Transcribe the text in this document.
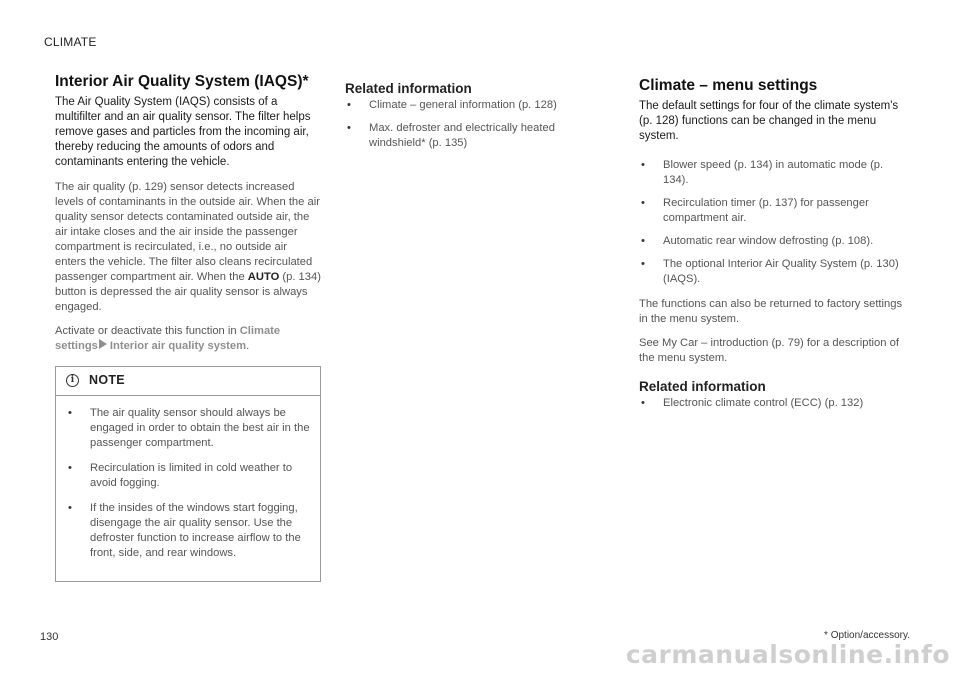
CLIMATE
Interior Air Quality System (IAQS)*
The Air Quality System (IAQS) consists of a multifilter and an air quality sensor. The filter helps remove gases and particles from the incoming air, thereby reducing the amounts of odors and contaminants entering the vehicle.
The air quality (p. 129) sensor detects increased levels of contaminants in the outside air. When the air quality sensor detects contaminated outside air, the air intake closes and the air inside the passenger compartment is recirculated, i.e., no outside air enters the vehicle. The filter also cleans recirculated passenger compartment air. When the AUTO (p. 134) button is depressed the air quality sensor is always engaged.
Activate or deactivate this function in Climate settings Interior air quality system.
i	NOTE
• The air quality sensor should always be engaged in order to obtain the best air in the passenger compartment.
• Recirculation is limited in cold weather to avoid fogging.
• If the insides of the windows start fogging, disengage the air quality sensor. Use the defroster function to increase airflow to the front, side, and rear windows.
Related information
• Climate – general information (p. 128)
• Max. defroster and electrically heated windshield* (p. 135)
Climate – menu settings
The default settings for four of the climate system's (p. 128) functions can be changed in the menu system.
• Blower speed (p. 134) in automatic mode (p. 134).
• Recirculation timer (p. 137) for passenger compartment air.
• Automatic rear window defrosting (p. 108).
• The optional Interior Air Quality System (p. 130) (IAQS).
The functions can also be returned to factory settings in the menu system.
See My Car – introduction (p. 79) for a description of the menu system.
Related information
• Electronic climate control (ECC) (p. 132)
* Option/accessory.
130
carmanualsonline.info
